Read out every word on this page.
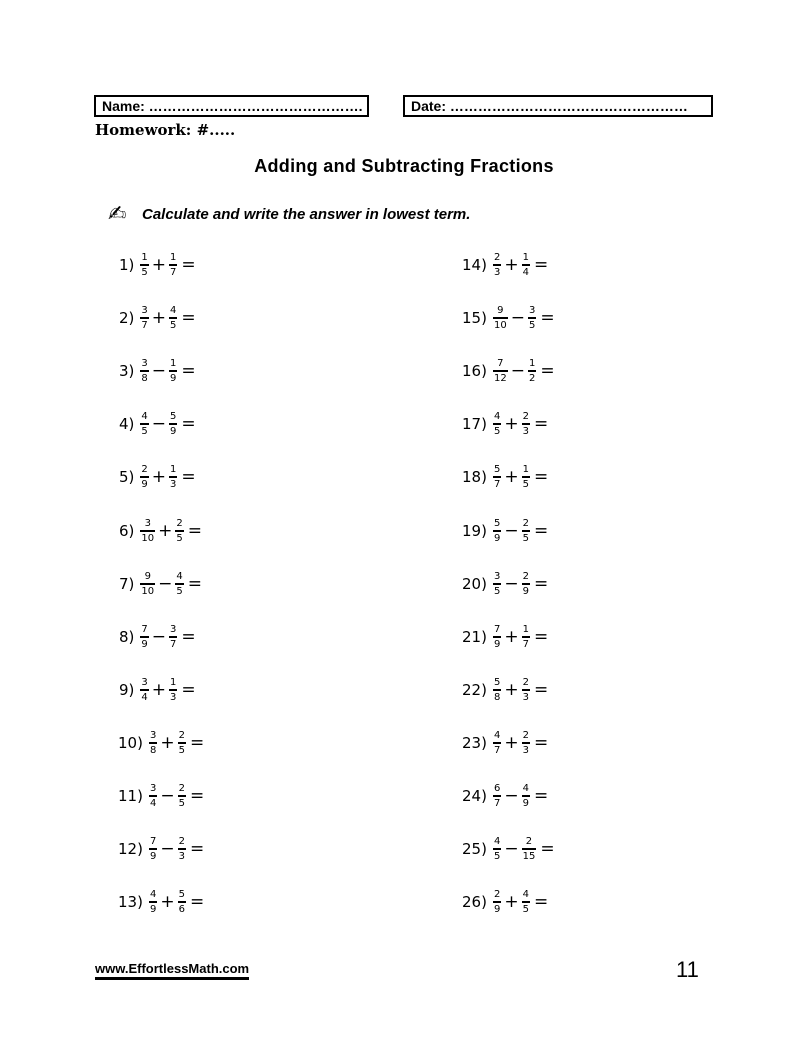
Name: ……………………………………….	Date: ……………………………………………
Homework: #.....
Adding and Subtracting Fractions
✍	Calculate and write the answer in lowest term.
$1) \frac{1}{5} + \frac{1}{7}$ =
$2) \frac{3}{7} + \frac{4}{5}$ =
$3) \frac{3}{8} - \frac{1}{9}$ =
$4) \frac{4}{5} - \frac{5}{9}$ =
$5) \frac{2}{9} + \frac{1}{3}$ =
$6) \frac{3}{10} + \frac{2}{5}$ =
$7) \frac{9}{10} - \frac{4}{5}$ =
$8) \frac{7}{9} - \frac{3}{7}$ =
$9) \frac{3}{4} + \frac{1}{3}$ =
$10) \frac{3}{8} + \frac{2}{5}$ =
$11) \frac{3}{4} - \frac{2}{5}$ =
$12) \frac{7}{9} - \frac{2}{3}$ =
$13) \frac{4}{9} + \frac{5}{6}$ =
$14) \frac{2}{3} + \frac{1}{4}$ =
$15) \frac{9}{10} - \frac{3}{5}$ =
$16) \frac{7}{12} - \frac{1}{2}$ =
$17) \frac{4}{5} + \frac{2}{3}$ =
$18) \frac{5}{7} + \frac{1}{5}$ =
$19) \frac{5}{9} - \frac{2}{5}$ =
$20) \frac{3}{5} - \frac{2}{9}$ =
$21) \frac{7}{9} + \frac{1}{7}$ =
$22) \frac{5}{8} + \frac{2}{3}$ =
$23) \frac{4}{7} + \frac{2}{3}$ =
$24) \frac{6}{7} - \frac{4}{9}$ =
$25) \frac{4}{5} - \frac{2}{15}$ =
$26) \frac{2}{9} + \frac{4}{5}$ =
www.EffortlessMath.com	11
